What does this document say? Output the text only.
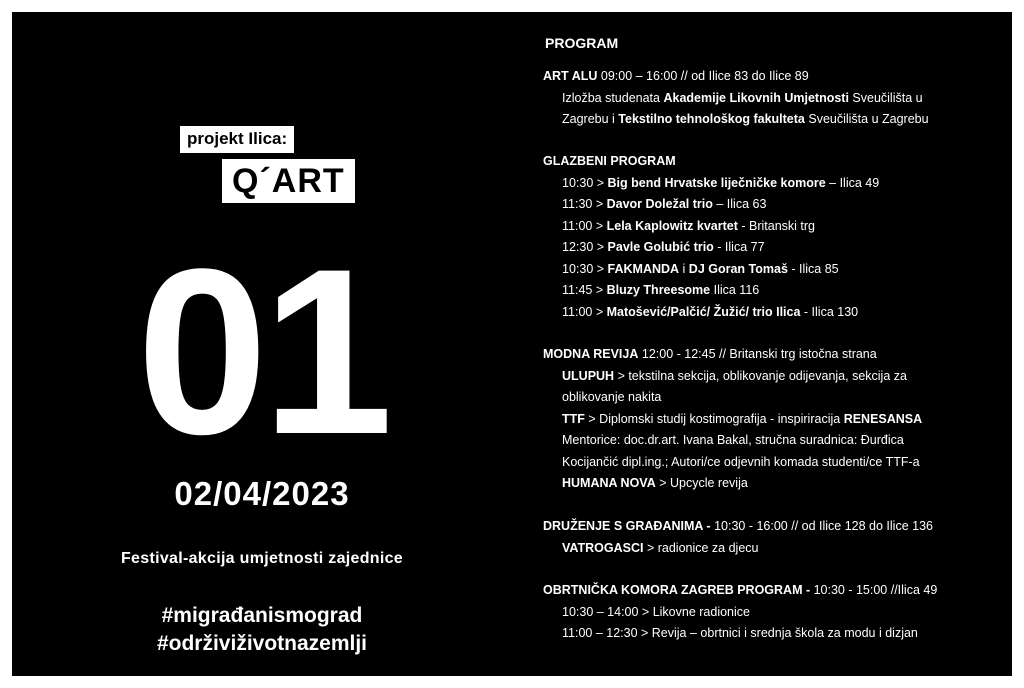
projekt Ilica:
Q´ART
01
02/04/2023
Festival-akcija umjetnosti zajednice
#migrađanismograd
#održiviživotnazemlji
PROGRAM
ART ALU 09:00 – 16:00 // od Ilice 83 do Ilice 89
Izložba studenata Akademije Likovnih Umjetnosti Sveučilišta u
Zagrebu i Tekstilno tehnološkog fakulteta Sveučilišta u Zagrebu
GLAZBENI PROGRAM
10:30 > Big bend Hrvatske liječničke komore – Ilica 49
11:30 > Davor Doležal trio – Ilica 63
11:00 > Lela Kaplowitz kvartet - Britanski trg
12:30 > Pavle Golubić trio - Ilica 77
10:30 > FAKMANDA i DJ Goran Tomaš - Ilica 85
11:45 > Bluzy Threesome Ilica 116
11:00 > Matošević/Palčić/ Žužić/ trio Ilica - Ilica 130
MODNA REVIJA 12:00 - 12:45 // Britanski trg istočna strana
ULUPUH > tekstilna sekcija, oblikovanje odijevanja, sekcija za
oblikovanje nakita
TTF > Diplomski studij kostimografija - inspiriracija RENESANSA
Mentorice: doc.dr.art. Ivana Bakal, stručna suradnica: Đurđica
Kocijančić dipl.ing.; Autori/ce odjevnih komada studenti/ce TTF-a
HUMANA NOVA > Upcycle revija
DRUŽENJE S GRAĐANIMA - 10:30 - 16:00 // od Ilice 128 do Ilice 136
VATROGASCI > radionice za djecu
OBRTNIČKA KOMORA ZAGREB PROGRAM - 10:30 - 15:00 //Ilica 49
10:30 – 14:00 > Likovne radionice
11:00 – 12:30 > Revija – obrtnici i srednja škola za modu i dizjan
